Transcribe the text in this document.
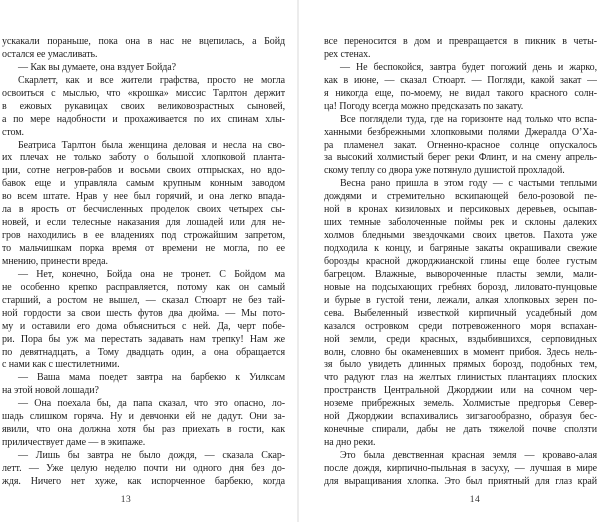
ускакали пораньше, пока она в нас не вцепилась, а Бойд
остался ее умасливать.
— Как вы думаете, она вздует Бойда?
Скарлетт, как и все жители графства, просто не могла
освоиться с мыслью, что «крошка» миссис Тарлтон держит
в ежовых рукавицах своих великовозрастных сыновей,
а по мере надобности и прохаживается по их спинам хлы-
стом.
Беатриса Тарлтон была женщина деловая и несла на сво-
их плечах не только заботу о большой хлопковой планта-
ции, сотне негров-рабов и восьми своих отпрысках, но вдо-
бавок еще и управляла самым крупным конным заводом
во всем штате. Нрав у нее был горячий, и она легко впада-
ла в ярость от бесчисленных проделок своих четырех сы-
новей, и если телесные наказания для лошадей или для не-
гров находились в ее владениях под строжайшим запретом,
то мальчишкам порка время от времени не могла, по ее
мнению, принести вреда.
— Нет, конечно, Бойда она не тронет. С Бойдом ма
не особенно крепко расправляется, потому как он самый
старший, а ростом не вышел, — сказал Стюарт не без тай-
ной гордости за свои шесть футов два дюйма. — Мы пото-
му и оставили его дома объясниться с ней. Да, черт побе-
ри. Пора бы уж ма перестать задавать нам трепку! Нам же
по девятнадцать, а Тому двадцать один, а она обращается
с нами как с шестилетними.
— Ваша мама поедет завтра на барбекю к Уилксам
на этой новой лошади?
— Она поехала бы, да папа сказал, что это опасно, ло-
шадь слишком горяча. Ну и девчонки ей не дадут. Они за-
явили, что она должна хотя бы раз приехать в гости, как
приличествует даме — в экипаже.
— Лишь бы завтра не было дождя, — сказала Скар-
летт. — Уже целую неделю почти ни одного дня без до-
ждя. Ничего нет хуже, как испорченное барбекю, когда
13
все переносится в дом и превращается в пикник в четы-
рех стенах.
— Не беспокойся, завтра будет погожий день и жарко,
как в июне, — сказал Стюарт. — Погляди, какой закат —
я никогда еще, по-моему, не видал такого красного солн-
ца! Погоду всегда можно предсказать по закату.
Все поглядели туда, где на горизонте над только что вспа-
ханными безбрежными хлопковыми полями Джералда О’Ха-
ра пламенел закат. Огненно-красное солнце опускалось
за высокий холмистый берег реки Флинт, и на смену апрель-
скому теплу со двора уже потянуло душистой прохладой.
Весна рано пришла в этом году — с частыми теплыми
дождями и стремительно вскипающей бело-розовой пе-
ной в кронах кизиловых и персиковых деревьев, осыпав-
ших темные заболоченные поймы рек и склоны далеких
холмов бледными звездочками своих цветов. Пахота уже
подходила к концу, и багряные закаты окрашивали свежие
борозды красной джорджианской глины еще более густым
багрецом. Влажные, вывороченные пласты земли, мали-
новые на подсыхающих гребнях борозд, лиловато-пунцовые
и бурые в густой тени, лежали, алкая хлопковых зерен по-
сева. Выбеленный известкой кирпичный усадебный дом
казался островком среди потревоженного моря вспахан-
ной земли, среди красных, вздыбившихся, серповидных
волн, словно бы окаменевших в момент прибоя. Здесь нель-
зя было увидеть длинных прямых борозд, подобных тем,
что радуют глаз на желтых глинистых плантациях плоских
пространств Центральной Джорджии или на сочном чер-
ноземе прибрежных земель. Холмистые предгорья Север-
ной Джорджии вспахивались зигзагообразно, образуя бес-
конечные спирали, дабы не дать тяжелой почве сползти
на дно реки.
Это была девственная красная земля — кроваво-алая
после дождя, кирпично-пыльная в засуху, — лучшая в мире
для выращивания хлопка. Это был приятный для глаз край
14
